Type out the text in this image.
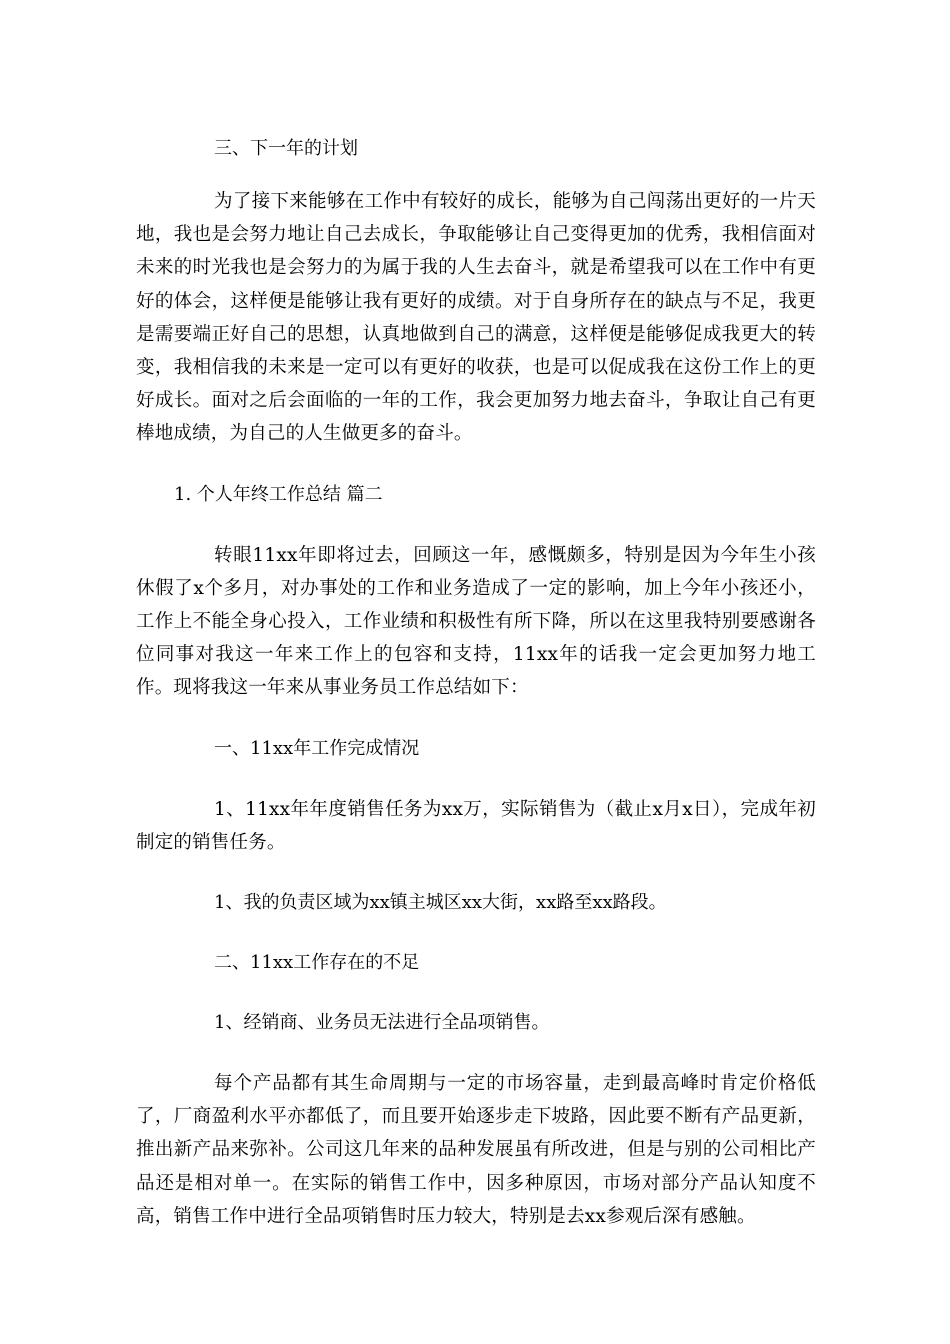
三、下一年的计划

为了接下来能够在工作中有较好的成长，能够为自己闯荡出更好的一片天地，我也是会努力地让自己去成长，争取能够让自己变得更加的优秀，我相信面对未来的时光我也是会努力的为属于我的人生去奋斗，就是希望我可以在工作中有更好的体会，这样便是能够让我有更好的成绩。对于自身所存在的缺点与不足，我更是需要端正好自己的思想，认真地做到自己的满意，这样便是能够促成我更大的转变，我相信我的未来是一定可以有更好的收获，也是可以促成我在这份工作上的更好成长。面对之后会面临的一年的工作，我会更加努力地去奋斗，争取让自己有更棒地成绩，为自己的人生做更多的奋斗。

1. 个人年终工作总结 篇二

转眼11xx年即将过去，回顾这一年，感慨颇多，特别是因为今年生小孩休假了x个多月，对办事处的工作和业务造成了一定的影响，加上今年小孩还小，工作上不能全身心投入，工作业绩和积极性有所下降，所以在这里我特别要感谢各位同事对我这一年来工作上的包容和支持，11xx年的话我一定会更加努力地工作。现将我这一年来从事业务员工作总结如下：

一、11xx年工作完成情况

1、11xx年年度销售任务为xx万，实际销售为（截止x月x日），完成年初制定的销售任务。

1、我的负责区域为xx镇主城区xx大街，xx路至xx路段。

二、11xx工作存在的不足

1、经销商、业务员无法进行全品项销售。

每个产品都有其生命周期与一定的市场容量，走到最高峰时肯定价格低了，厂商盈利水平亦都低了，而且要开始逐步走下坡路，因此要不断有产品更新，推出新产品来弥补。公司这几年来的品种发展虽有所改进，但是与别的公司相比产品还是相对单一。在实际的销售工作中，因多种原因，市场对部分产品认知度不高，销售工作中进行全品项销售时压力较大，特别是去xx参观后深有感触。
